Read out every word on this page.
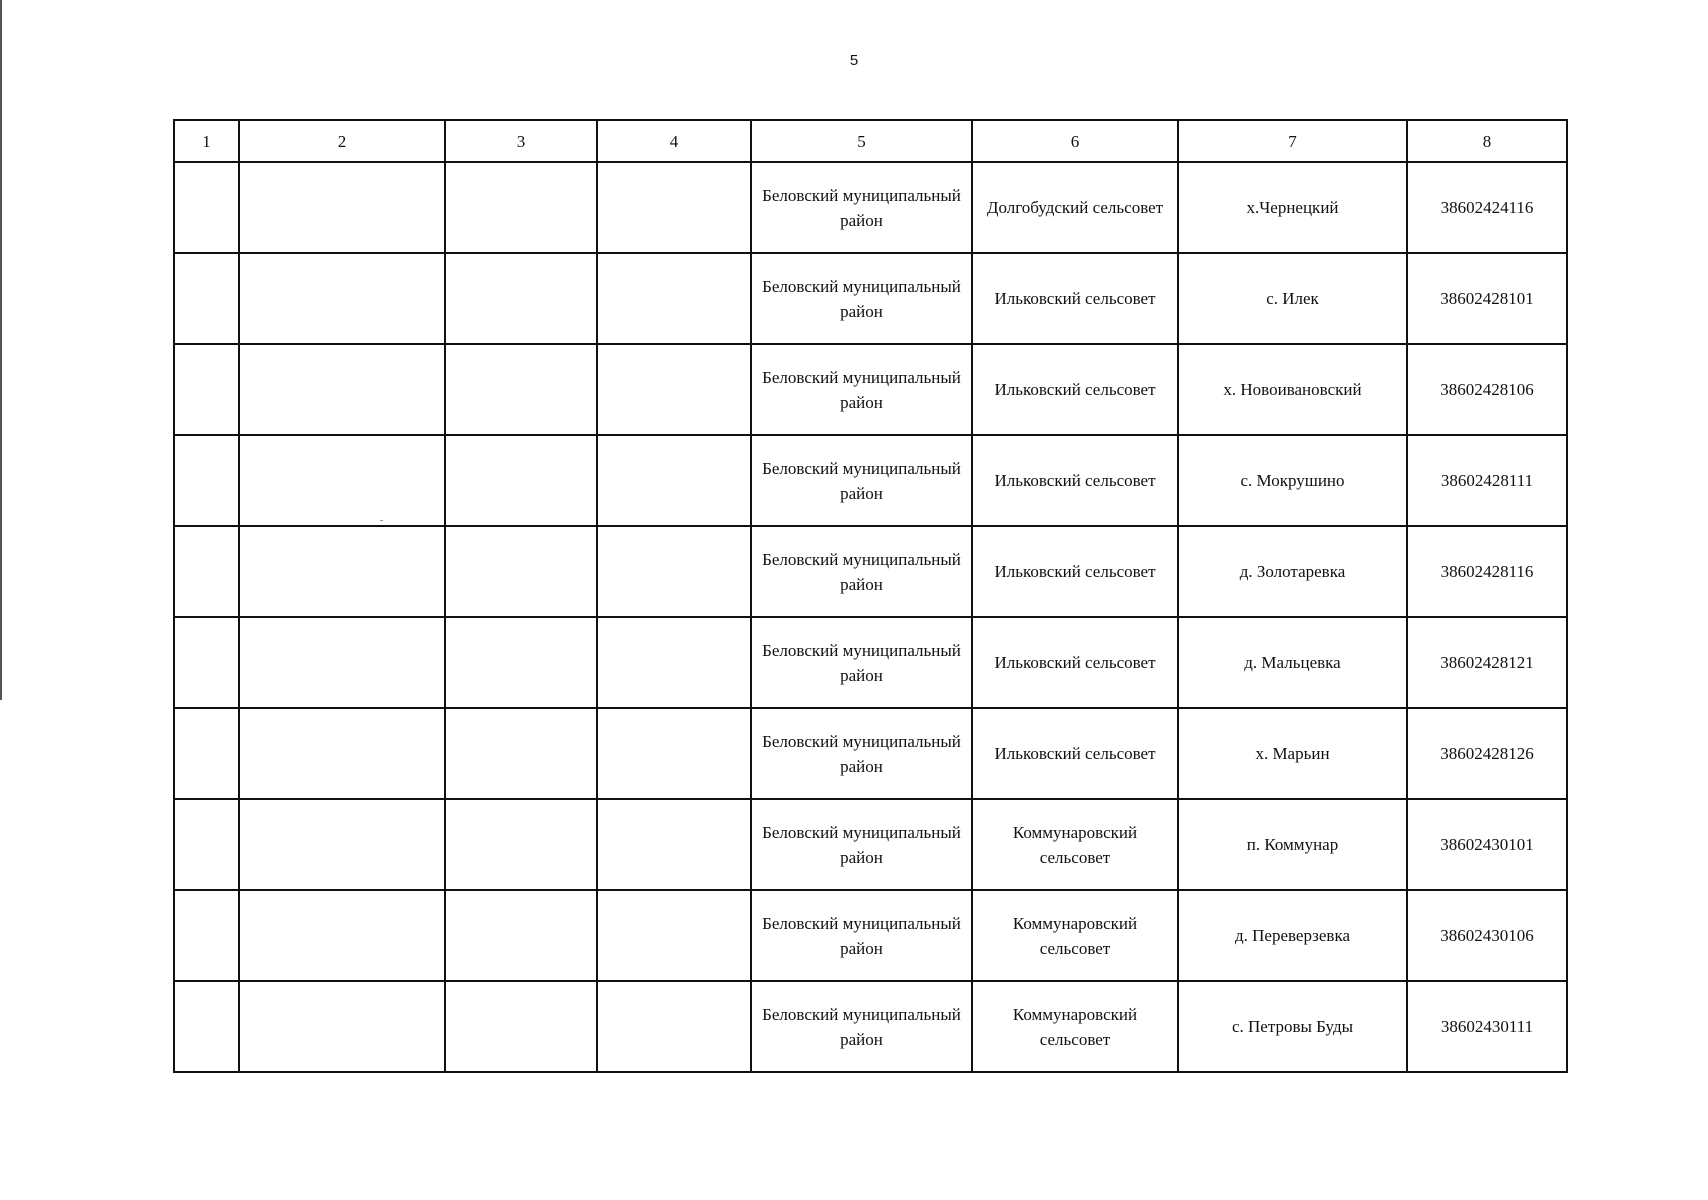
5
1	2	3	4	5	6	7	8
				Беловский муниципальный район	Долгобудский сельсовет	х.Чернецкий	38602424116
				Беловский муниципальный район	Ильковский сельсовет	с. Илек	38602428101
				Беловский муниципальный район	Ильковский сельсовет	х. Новоивановский	38602428106
				Беловский муниципальный район	Ильковский сельсовет	с. Мокрушино	38602428111
				Беловский муниципальный район	Ильковский сельсовет	д. Золотаревка	38602428116
				Беловский муниципальный район	Ильковский сельсовет	д. Мальцевка	38602428121
				Беловский муниципальный район	Ильковский сельсовет	х. Марьин	38602428126
				Беловский муниципальный район	Коммунаровский сельсовет	п. Коммунар	38602430101
				Беловский муниципальный район	Коммунаровский сельсовет	д. Переверзевка	38602430106
				Беловский муниципальный район	Коммунаровский сельсовет	с. Петровы Буды	38602430111
